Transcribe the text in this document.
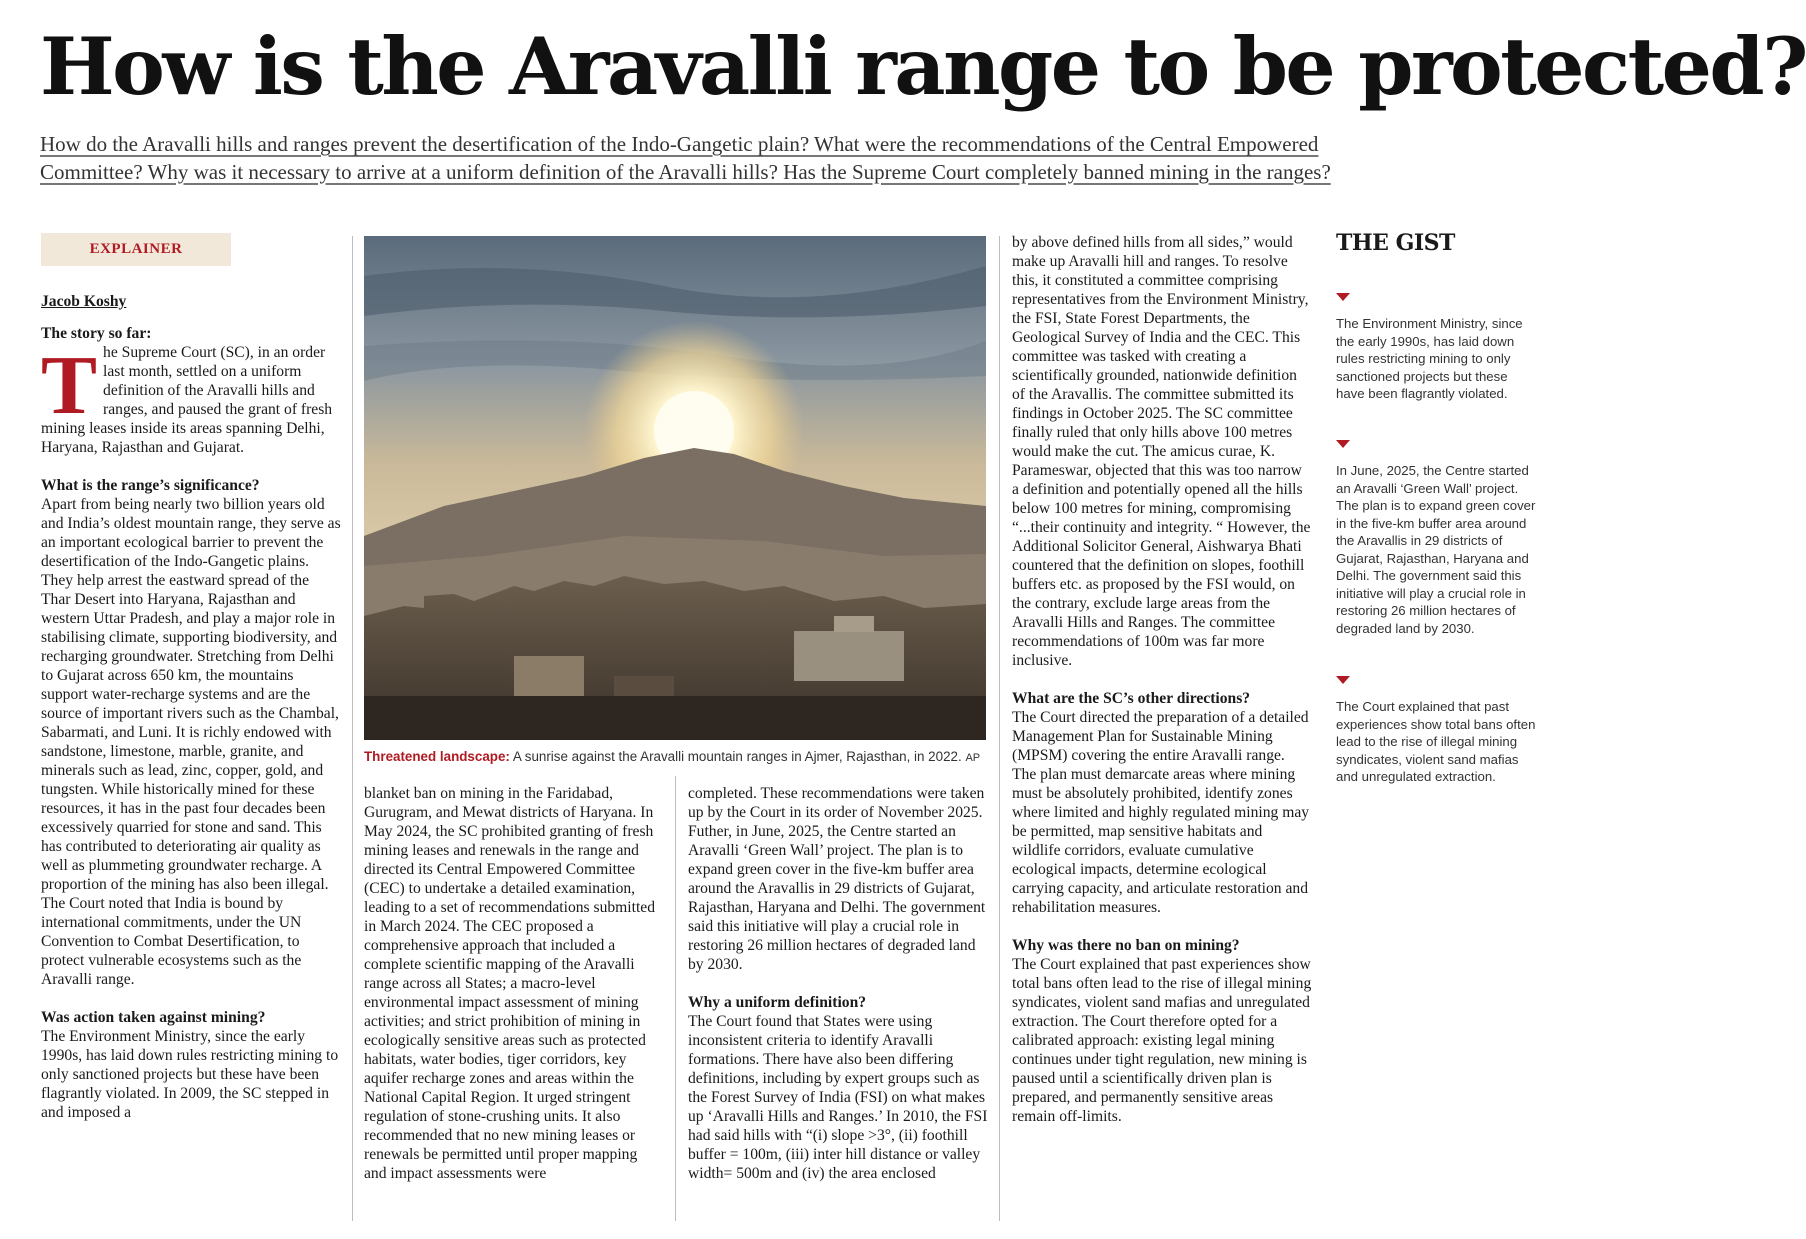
How is the Aravalli range to be protected?

How do the Aravalli hills and ranges prevent the desertification of the Indo-Gangetic plain? What were the recommendations of the Central Empowered Committee? Why was it necessary to arrive at a uniform definition of the Aravalli hills? Has the Supreme Court completely banned mining in the ranges?

EXPLAINER
Jacob Koshy
The story so far:

The Supreme Court (SC), in an order last month, settled on a uniform definition of the Aravalli hills and ranges, and paused the grant of fresh mining leases inside its areas spanning Delhi, Haryana, Rajasthan and Gujarat.

What is the range’s significance?

Apart from being nearly two billion years old and India’s oldest mountain range, they serve as an important ecological barrier to prevent the desertification of the Indo-Gangetic plains. They help arrest the eastward spread of the Thar Desert into Haryana, Rajasthan and western Uttar Pradesh, and play a major role in stabilising climate, supporting biodiversity, and recharging groundwater. Stretching from Delhi to Gujarat across 650 km, the mountains support water-recharge systems and are the source of important rivers such as the Chambal, Sabarmati, and Luni. It is richly endowed with sandstone, limestone, marble, granite, and minerals such as lead, zinc, copper, gold, and tungsten. While historically mined for these resources, it has in the past four decades been excessively quarried for stone and sand. This has contributed to deteriorating air quality as well as plummeting groundwater recharge. A proportion of the mining has also been illegal. The Court noted that India is bound by international commitments, under the UN Convention to Combat Desertification, to protect vulnerable ecosystems such as the Aravalli range.

Was action taken against mining?

The Environment Ministry, since the early 1990s, has laid down rules restricting mining to only sanctioned projects but these have been flagrantly violated. In 2009, the SC stepped in and imposed a

Threatened landscape: A sunrise against the Aravalli mountain ranges in Ajmer, Rajasthan, in 2022. AP

blanket ban on mining in the Faridabad, Gurugram, and Mewat districts of Haryana. In May 2024, the SC prohibited granting of fresh mining leases and renewals in the range and directed its Central Empowered Committee (CEC) to undertake a detailed examination, leading to a set of recommendations submitted in March 2024. The CEC proposed a comprehensive approach that included a complete scientific mapping of the Aravalli range across all States; a macro-level environmental impact assessment of mining activities; and strict prohibition of mining in ecologically sensitive areas such as protected habitats, water bodies, tiger corridors, key aquifer recharge zones and areas within the National Capital Region. It urged stringent regulation of stone-crushing units. It also recommended that no new mining leases or renewals be permitted until proper mapping and impact assessments were

completed. These recommendations were taken up by the Court in its order of November 2025. Futher, in June, 2025, the Centre started an Aravalli ‘Green Wall’ project. The plan is to expand green cover in the five-km buffer area around the Aravallis in 29 districts of Gujarat, Rajasthan, Haryana and Delhi. The government said this initiative will play a crucial role in restoring 26 million hectares of degraded land by 2030.

Why a uniform definition?

The Court found that States were using inconsistent criteria to identify Aravalli formations. There have also been differing definitions, including by expert groups such as the Forest Survey of India (FSI) on what makes up ‘Aravalli Hills and Ranges.’ In 2010, the FSI had said hills with “(i) slope >3°, (ii) foothill buffer = 100m, (iii) inter hill distance or valley width= 500m and (iv) the area enclosed

by above defined hills from all sides,” would make up Aravalli hill and ranges. To resolve this, it constituted a committee comprising representatives from the Environment Ministry, the FSI, State Forest Departments, the Geological Survey of India and the CEC. This committee was tasked with creating a scientifically grounded, nationwide definition of the Aravallis. The committee submitted its findings in October 2025. The SC committee finally ruled that only hills above 100 metres would make the cut. The amicus curae, K. Parameswar, objected that this was too narrow a definition and potentially opened all the hills below 100 metres for mining, compromising “...their continuity and integrity. “ However, the Additional Solicitor General, Aishwarya Bhati countered that the definition on slopes, foothill buffers etc. as proposed by the FSI would, on the contrary, exclude large areas from the Aravalli Hills and Ranges. The committee recommendations of 100m was far more inclusive.

What are the SC’s other directions?

The Court directed the preparation of a detailed Management Plan for Sustainable Mining (MPSM) covering the entire Aravalli range. The plan must demarcate areas where mining must be absolutely prohibited, identify zones where limited and highly regulated mining may be permitted, map sensitive habitats and wildlife corridors, evaluate cumulative ecological impacts, determine ecological carrying capacity, and articulate restoration and rehabilitation measures.

Why was there no ban on mining?

The Court explained that past experiences show total bans often lead to the rise of illegal mining syndicates, violent sand mafias and unregulated extraction. The Court therefore opted for a calibrated approach: existing legal mining continues under tight regulation, new mining is paused until a scientifically driven plan is prepared, and permanently sensitive areas remain off-limits.

THE GIST
The Environment Ministry, since the early 1990s, has laid down rules restricting mining to only sanctioned projects but these have been flagrantly violated.
In June, 2025, the Centre started an Aravalli ‘Green Wall’ project. The plan is to expand green cover in the five-km buffer area around the Aravallis in 29 districts of Gujarat, Rajasthan, Haryana and Delhi. The government said this initiative will play a crucial role in restoring 26 million hectares of degraded land by 2030.
The Court explained that past experiences show total bans often lead to the rise of illegal mining syndicates, violent sand mafias and unregulated extraction.
